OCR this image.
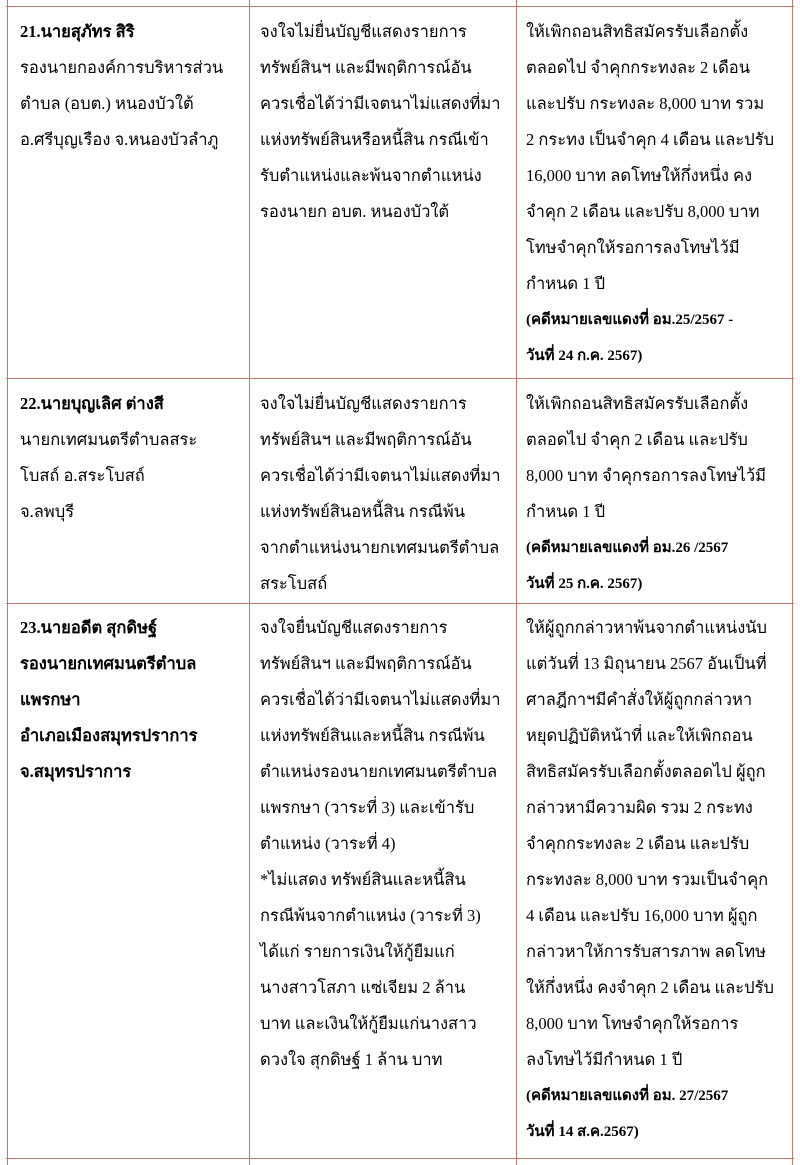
21.นายสุภัทร สิริ
รองนายกองค์การบริหารส่วน
ตำบล (อบต.) หนองบัวใต้
อ.ศรีบุญเรือง จ.หนองบัวลำภู
จงใจไม่ยื่นบัญชีแสดงรายการ
ทรัพย์สินฯ และมีพฤติการณ์อัน
ควรเชื่อได้ว่ามีเจตนาไม่แสดงที่มา
แห่งทรัพย์สินหรือหนี้สิน กรณีเข้า
รับตำแหน่งและพ้นจากตำแหน่ง
รองนายก อบต. หนองบัวใต้
ให้เพิกถอนสิทธิสมัครรับเลือกตั้ง
ตลอดไป จำคุกกระทงละ 2 เดือน
และปรับ กระทงละ 8,000 บาท รวม
2 กระทง เป็นจำคุก 4 เดือน และปรับ
16,000 บาท ลดโทษให้กึ่งหนึ่ง คง
จำคุก 2 เดือน และปรับ 8,000 บาท
โทษจำคุกให้รอการลงโทษไว้มี
กำหนด 1 ปี
(คดีหมายเลขแดงที่ อม.25/2567 -
วันที่ 24 ก.ค. 2567)
22.นายบุญเลิศ ต่างสี
นายกเทศมนตรีตำบลสระ
โบสถ์ อ.สระโบสถ์
จ.ลพบุรี
จงใจไม่ยื่นบัญชีแสดงรายการ
ทรัพย์สินฯ และมีพฤติการณ์อัน
ควรเชื่อได้ว่ามีเจตนาไม่แสดงที่มา
แห่งทรัพย์สินอหนี้สิน กรณีพ้น
จากตำแหน่งนายกเทศมนตรีตำบล
สระโบสถ์
ให้เพิกถอนสิทธิสมัครรับเลือกตั้ง
ตลอดไป จำคุก 2 เดือน และปรับ
8,000 บาท จำคุกรอการลงโทษไว้มี
กำหนด 1 ปี
(คดีหมายเลขแดงที่ อม.26 /2567
วันที่ 25 ก.ค. 2567)
23.นายอดีต สุกดิษฐ์
รองนายกเทศมนตรีตำบล
แพรกษา
อำเภอเมืองสมุทรปราการ
จ.สมุทรปราการ
จงใจยื่นบัญชีแสดงรายการ
ทรัพย์สินฯ และมีพฤติการณ์อัน
ควรเชื่อได้ว่ามีเจตนาไม่แสดงที่มา
แห่งทรัพย์สินและหนี้สิน กรณีพ้น
ตำแหน่งรองนายกเทศมนตรีตำบล
แพรกษา (วาระที่ 3) และเข้ารับ
ตำแหน่ง (วาระที่ 4)
*ไม่แสดง ทรัพย์สินและหนี้สิน
กรณีพ้นจากตำแหน่ง (วาระที่ 3)
ได้แก่ รายการเงินให้กู้ยืมแก่
นางสาวโสภา แซ่เจียม 2 ล้าน
บาท และเงินให้กู้ยืมแก่นางสาว
ดวงใจ สุกดิษฐ์ 1 ล้าน บาท
ให้ผู้ถูกกล่าวหาพ้นจากตำแหน่งนับ
แต่วันที่ 13 มิถุนายน 2567 อันเป็นที่
ศาลฎีกาฯมีคำสั่งให้ผู้ถูกกล่าวหา
หยุดปฏิบัติหน้าที่ และให้เพิกถอน
สิทธิสมัครรับเลือกตั้งตลอดไป ผู้ถูก
กล่าวหามีความผิด รวม 2 กระทง
จำคุกกระทงละ 2 เดือน และปรับ
กระทงละ 8,000 บาท รวมเป็นจำคุก
4 เดือน และปรับ 16,000 บาท ผู้ถูก
กล่าวหาให้การรับสารภาพ ลดโทษ
ให้กึ่งหนึ่ง คงจำคุก 2 เดือน และปรับ
8,000 บาท โทษจำคุกให้รอการ
ลงโทษไว้มีกำหนด 1 ปี
(คดีหมายเลขแดงที่ อม. 27/2567
วันที่ 14 ส.ค.2567)
